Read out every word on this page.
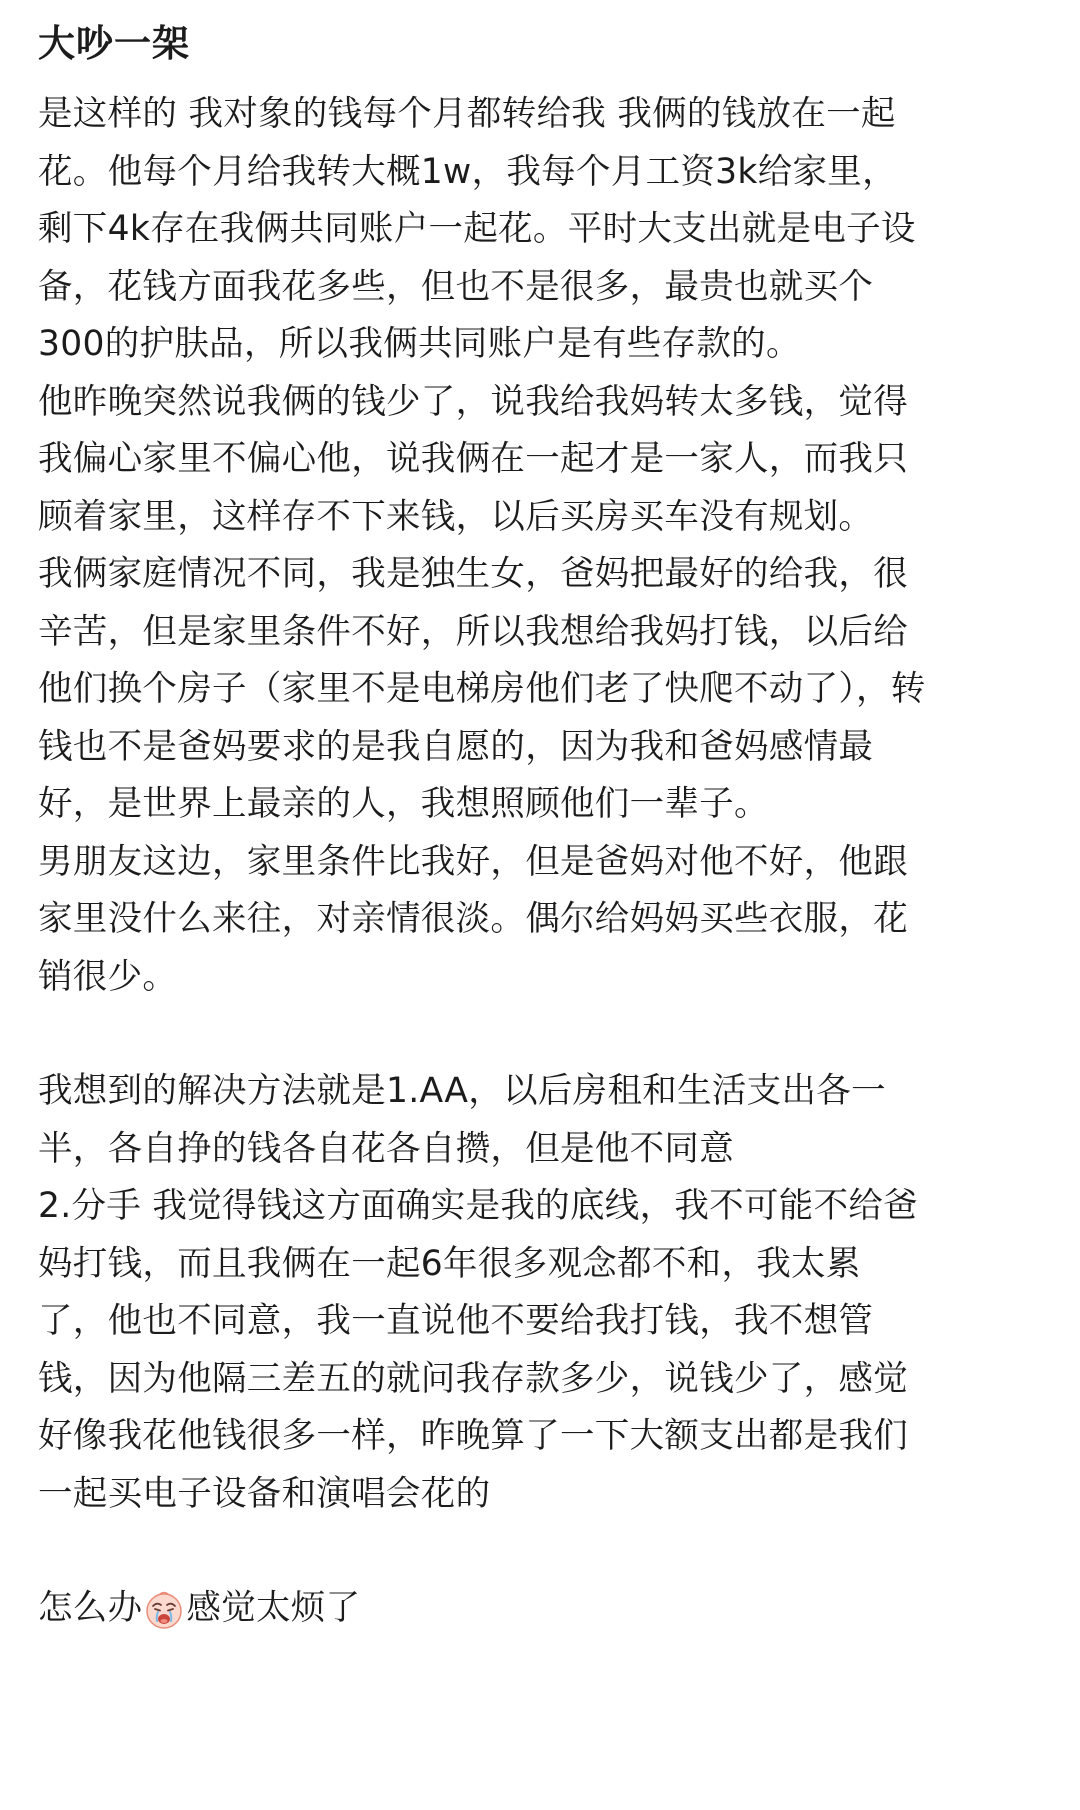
大吵一架
是这样的 我对象的钱每个月都转给我 我俩的钱放在一起
花。他每个月给我转大概1w，我每个月工资3k给家里，
剩下4k存在我俩共同账户一起花。平时大支出就是电子设
备，花钱方面我花多些，但也不是很多，最贵也就买个
300的护肤品，所以我俩共同账户是有些存款的。
他昨晚突然说我俩的钱少了，说我给我妈转太多钱，觉得
我偏心家里不偏心他，说我俩在一起才是一家人，而我只
顾着家里，这样存不下来钱，以后买房买车没有规划。
我俩家庭情况不同，我是独生女，爸妈把最好的给我，很
辛苦，但是家里条件不好，所以我想给我妈打钱，以后给
他们换个房子（家里不是电梯房他们老了快爬不动了），转
钱也不是爸妈要求的是我自愿的，因为我和爸妈感情最
好，是世界上最亲的人，我想照顾他们一辈子。
男朋友这边，家里条件比我好，但是爸妈对他不好，他跟
家里没什么来往，对亲情很淡。偶尔给妈妈买些衣服，花
销很少。
我想到的解决方法就是1.AA，以后房租和生活支出各一
半，各自挣的钱各自花各自攒，但是他不同意
2.分手 我觉得钱这方面确实是我的底线，我不可能不给爸
妈打钱，而且我俩在一起6年很多观念都不和，我太累
了，他也不同意，我一直说他不要给我打钱，我不想管
钱，因为他隔三差五的就问我存款多少，说钱少了，感觉
好像我花他钱很多一样，昨晚算了一下大额支出都是我们
一起买电子设备和演唱会花的
怎么办 感觉太烦了
